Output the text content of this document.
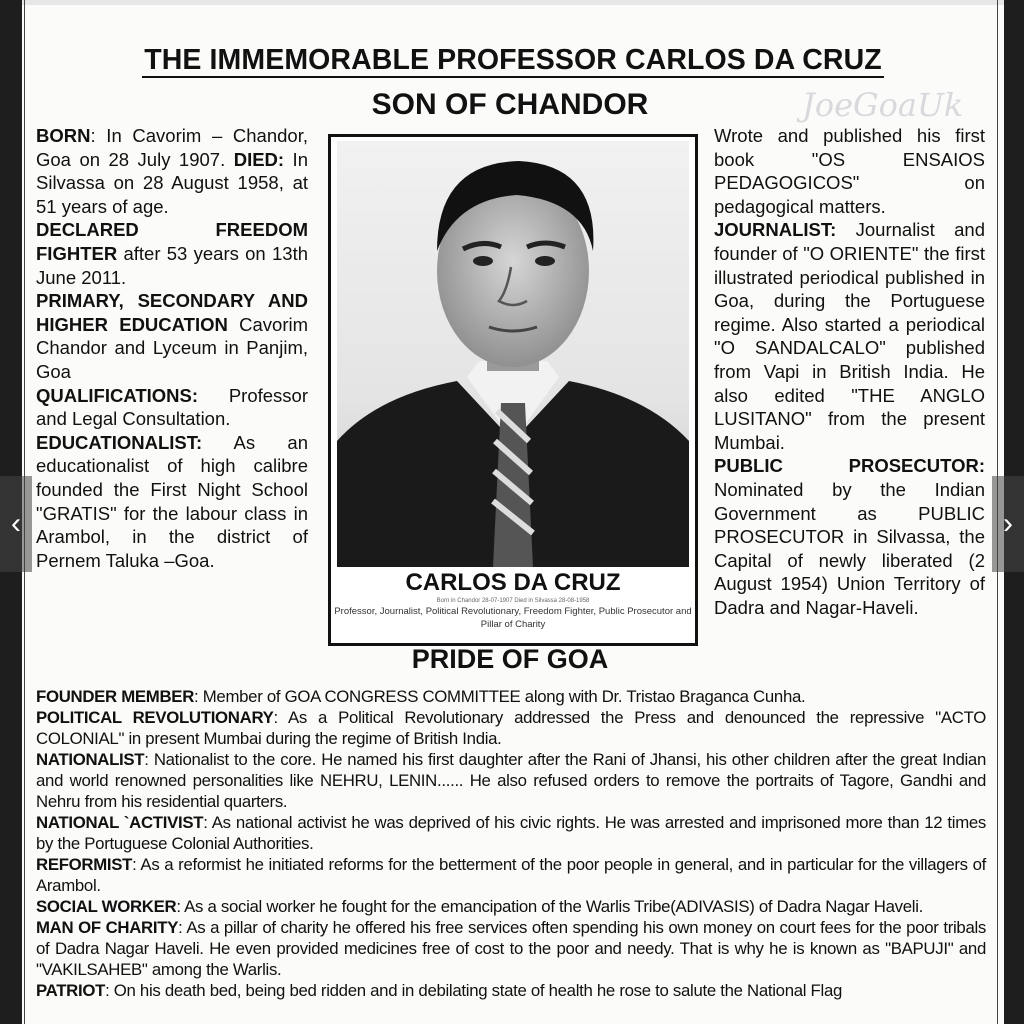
THE IMMEMORABLE PROFESSOR CARLOS DA CRUZ
JoeGoaUk
SON OF CHANDOR

BORN: In Cavorim – Chandor, Goa on 28 July 1907. DIED: In Silvassa on 28 August 1958, at 51 years of age.

DECLARED FREEDOM FIGHTER after 53 years on 13th June 2011.

PRIMARY, SECONDARY AND HIGHER EDUCATION Cavorim Chandor and Lyceum in Panjim, Goa

QUALIFICATIONS: Professor and Legal Consultation.

EDUCATIONALIST: As an educationalist of high calibre founded the First Night School "GRATIS" for the labour class in Arambol, in the district of Pernem Taluka –Goa.

CARLOS DA CRUZ
Born in Chandor 28-07-1907 Died in Silvassa 28-08-1958
Professor, Journalist, Political Revolutionary, Freedom Fighter, Public Prosecutor and Pillar of Charity
PRIDE OF GOA

Wrote and published his first book "OS ENSAIOS PEDAGOGICOS" on pedagogical matters.

JOURNALIST: Journalist and founder of "O ORIENTE" the first illustrated periodical published in Goa, during the Portuguese regime. Also started a periodical "O SANDALCALO" published from Vapi in British India. He also edited "THE ANGLO LUSITANO" from the present Mumbai.

PUBLIC PROSECUTOR: Nominated by the Indian Government as PUBLIC PROSECUTOR in Silvassa, the Capital of newly liberated (2 August 1954) Union Territory of Dadra and Nagar-Haveli.

FOUNDER MEMBER: Member of GOA CONGRESS COMMITTEE along with Dr. Tristao Braganca Cunha.

POLITICAL REVOLUTIONARY: As a Political Revolutionary addressed the Press and denounced the repressive "ACTO COLONIAL" in present Mumbai during the regime of British India.

NATIONALIST: Nationalist to the core. He named his first daughter after the Rani of Jhansi, his other children after the great Indian and world renowned personalities like NEHRU, LENIN...... He also refused orders to remove the portraits of Tagore, Gandhi and Nehru from his residential quarters.

NATIONAL `ACTIVIST: As national activist he was deprived of his civic rights. He was arrested and imprisoned more than 12 times by the Portuguese Colonial Authorities.

REFORMIST: As a reformist he initiated reforms for the betterment of the poor people in general, and in particular for the villagers of Arambol.

SOCIAL WORKER: As a social worker he fought for the emancipation of the Warlis Tribe(ADIVASIS) of Dadra Nagar Haveli.

MAN OF CHARITY: As a pillar of charity he offered his free services often spending his own money on court fees for the poor tribals of Dadra Nagar Haveli. He even provided medicines free of cost to the poor and needy. That is why he is known as "BAPUJI" and "VAKILSAHEB" among the Warlis.

PATRIOT: On his death bed, being bed ridden and in debilating state of health he rose to salute the National Flag

‹	›
